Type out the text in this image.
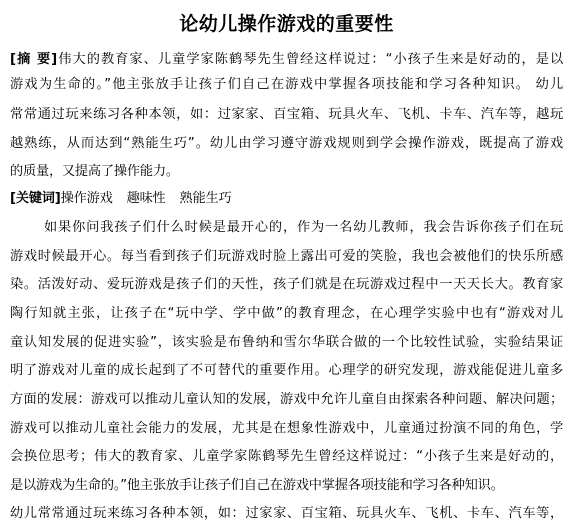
论幼儿操作游戏的重要性
[摘 要]伟大的教育家、儿童学家陈鹤琴先生曾经这样说过：“小孩子生来是好动的，是以
游戏为生命的。”他主张放手让孩子们自己在游戏中掌握各项技能和学习各种知识。 幼儿
常常通过玩来练习各种本领，如：过家家、百宝箱、玩具火车、飞机、卡车、汽车等，越玩
越熟练，从而达到“熟能生巧”。幼儿由学习遵守游戏规则到学会操作游戏，既提高了游戏
的质量，又提高了操作能力。
[关键词]操作游戏 趣味性 熟能生巧
如果你问我孩子们什么时候是最开心的，作为一名幼儿教师，我会告诉你孩子们在玩
游戏时候最开心。每当看到孩子们玩游戏时脸上露出可爱的笑脸，我也会被他们的快乐所感
染。活泼好动、爱玩游戏是孩子们的天性，孩子们就是在玩游戏过程中一天天长大。教育家
陶行知就主张，让孩子在“玩中学、学中做”的教育理念，在心理学实验中也有“游戏对儿
童认知发展的促进实验”，该实验是布鲁纳和雪尔华联合做的一个比较性试验，实验结果证
明了游戏对儿童的成长起到了不可替代的重要作用。心理学的研究发现，游戏能促进儿童多
方面的发展：游戏可以推动儿童认知的发展，游戏中允许儿童自由探索各种问题、解决问题；
游戏可以推动儿童社会能力的发展，尤其是在想象性游戏中，儿童通过扮演不同的角色，学
会换位思考；伟大的教育家、儿童学家陈鹤琴先生曾经这样说过：“小孩子生来是好动的，
是以游戏为生命的。”他主张放手让孩子们自己在游戏中掌握各项技能和学习各种知识。
幼儿常常通过玩来练习各种本领，如：过家家、百宝箱、玩具火车、飞机、卡车、汽车等，
